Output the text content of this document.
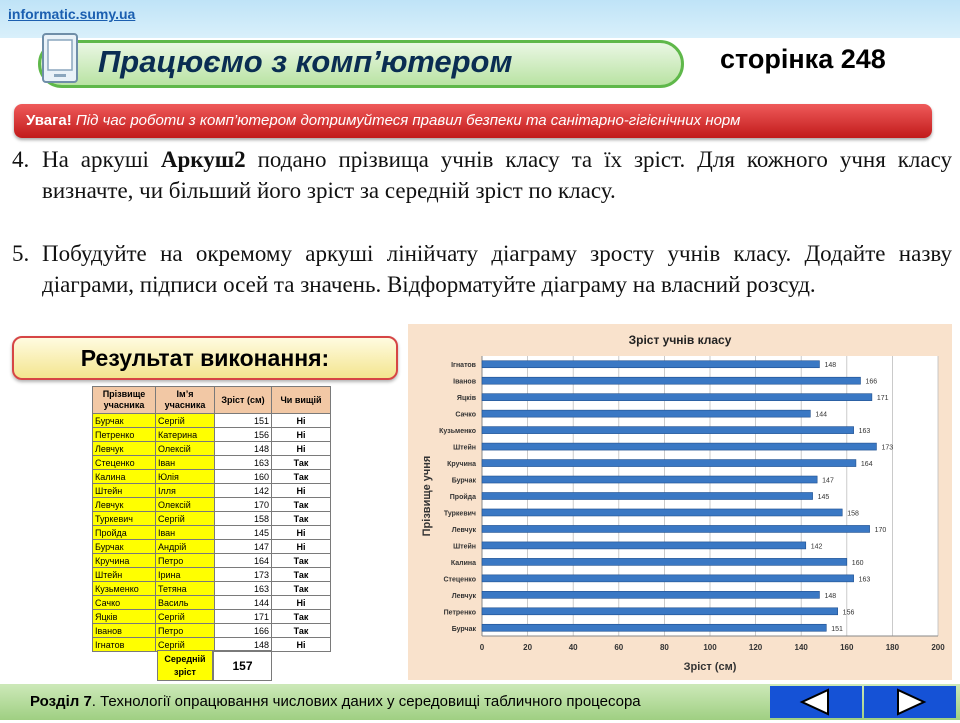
informatic.sumy.ua
Працюємо з комп’ютером	сторінка 248
Увага! Під час роботи з комп’ютером дотримуйтеся правил безпеки та санітарно-гігієнічних норм
4. На аркуші Аркуш2 подано прізвища учнів класу та їх зріст. Для кожного учня класу визначте, чи більший його зріст за середній зріст по класу.
5. Побудуйте на окремому аркуші лінійчату діаграму зросту учнів класу. Додайте назву діаграми, підписи осей та значень. Відформатуйте діаграму на власний розсуд.
Результат виконання:
Прізвище учасника	Ім’я учасника	Зріст (см)	Чи вищій
Бурчак	Сергій	151	Ні
Петренко	Катерина	156	Ні
Левчук	Олексій	148	Ні
Стеценко	Іван	163	Так
Калина	Юлія	160	Так
Штейн	Ілля	142	Ні
Левчук	Олексій	170	Так
Туркевич	Сергій	158	Так
Пройда	Іван	145	Ні
Бурчак	Андрій	147	Ні
Кручина	Петро	164	Так
Штейн	Ірина	173	Так
Кузьменко	Тетяна	163	Так
Сачко	Василь	144	Ні
Яцків	Сергій	171	Так
Іванов	Петро	166	Так
Ігнатов	Сергій	148	Ні
Середній зріст	157
Зріст учнів класу
0	20	40	60	80	100	120	140	160	180	200
Ігнатов	148
Іванов	166
Яцків	171
Сачко	144
Кузьменко	163
Штейн	173
Кручина	164
Бурчак	147
Пройда	145
Туркевич	158
Левчук	170
Штейн	142
Калина	160
Стеценко	163
Левчук	148
Петренко	156
Бурчак	151
Зріст (см)
Прізвище учня
Розділ 7. Технології опрацювання числових даних у середовищі табличного процесора
